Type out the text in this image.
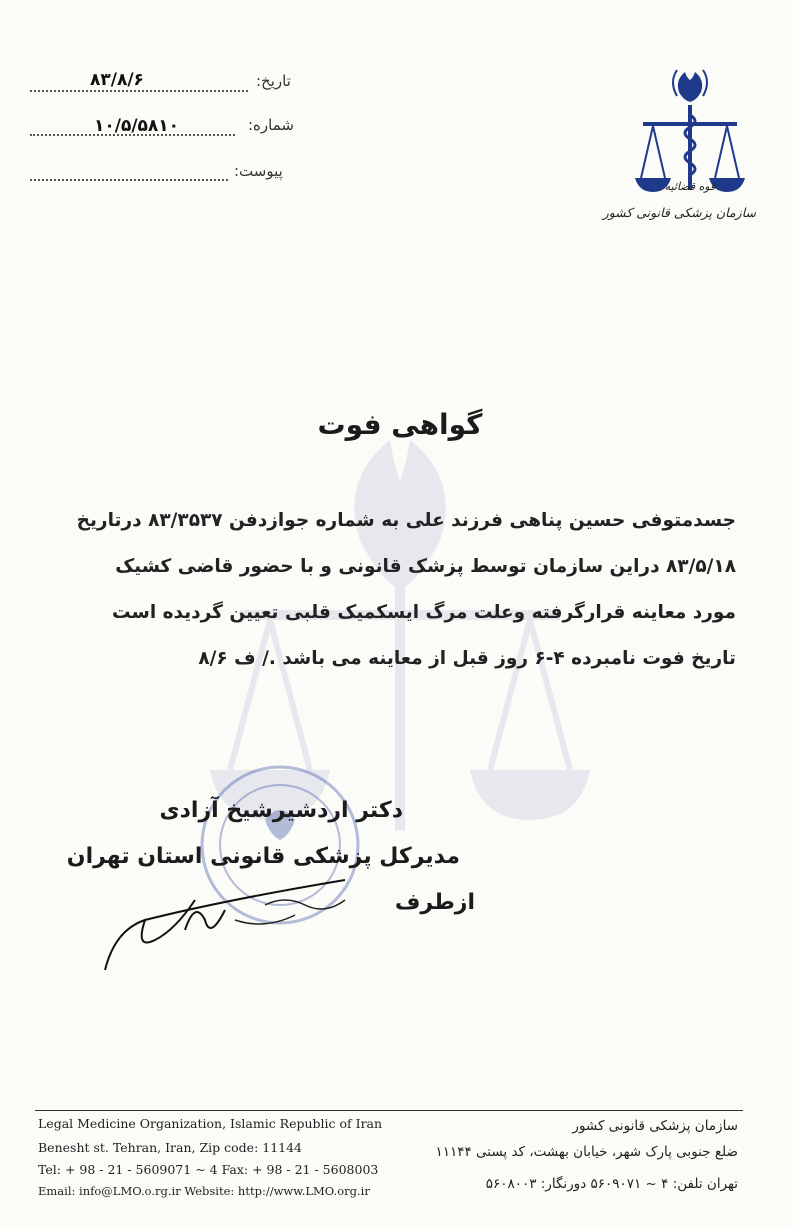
۸۳/۸/۶	تاریخ:
۱۰/۵/۵۸۱۰	شماره:
پیوست:
قوه قضائیه
سازمان پزشکی قانونی کشور
گواهی فوت
جسدمتوفی حسین پناهی فرزند علی به شماره جوازدفن ۸۳/۳۵۳۷ درتاریخ
۸۳/۵/۱۸ دراین سازمان توسط پزشک قانونی و با حضور قاضی کشیک
مورد معاینه قرارگرفته وعلت مرگ ایسکمیک قلبی تعیین گردیده است
تاریخ فوت نامبرده ۴-۶ روز قبل از معاینه می باشد ./ ف ۸/۶
دکتر اردشیرشیخ آزادی
مدیرکل پزشکی قانونی استان تهران
ازطرف
Legal Medicine Organization, Islamic Republic of Iran
Benesht st. Tehran, Iran, Zip code: 11144
Tel: + 98 - 21 - 5609071 ~ 4 Fax: + 98 - 21 - 5608003
Email: info@LMO.o.rg.ir Website: http://www.LMO.org.ir
سازمان پزشکی قانونی کشور
ضلع جنوبی پارک شهر، خیابان بهشت، کد پستی ۱۱۱۴۴
تهران تلفن: ۴ ~ ۵۶۰۹۰۷۱ دورنگار: ۵۶۰۸۰۰۳
